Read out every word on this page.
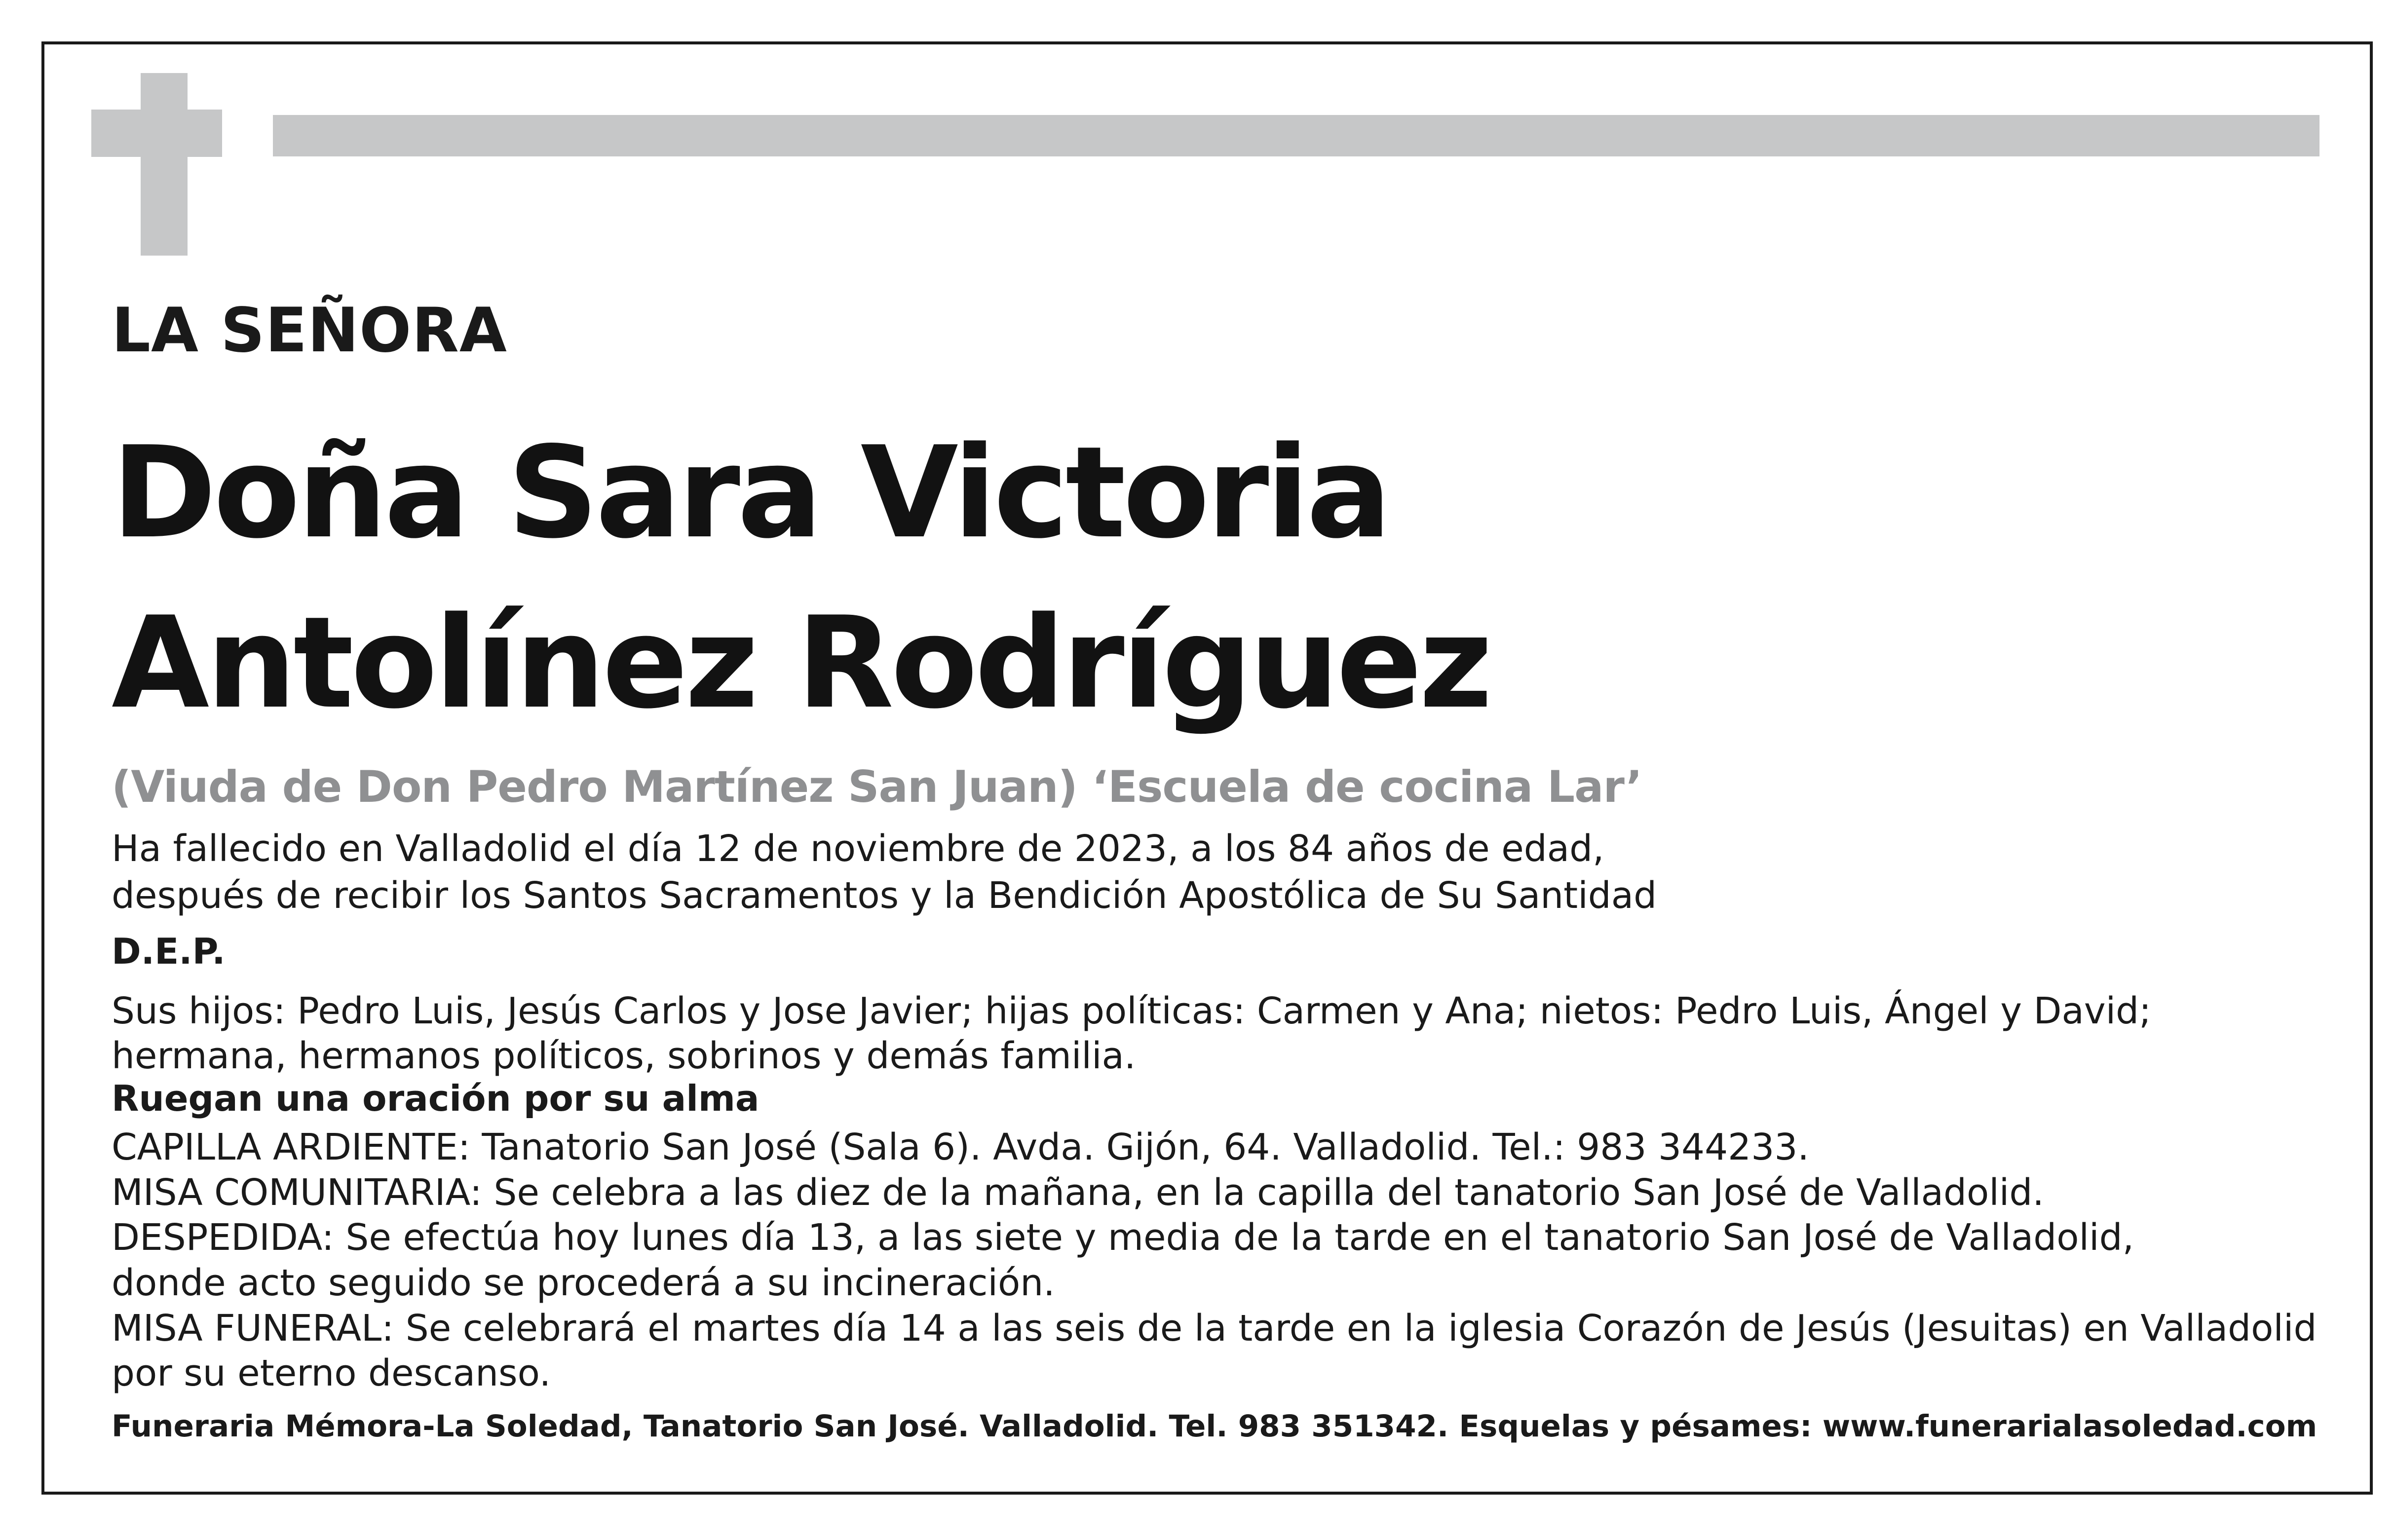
LA SEÑORA
Doña Sara Victoria
Antolínez Rodríguez
(Viuda de Don Pedro Martínez San Juan) ‘Escuela de cocina Lar’
Ha fallecido en Valladolid el día 12 de noviembre de 2023, a los 84 años de edad,
después de recibir los Santos Sacramentos y la Bendición Apostólica de Su Santidad
D.E.P.
Sus hijos: Pedro Luis, Jesús Carlos y Jose Javier; hijas políticas: Carmen y Ana; nietos: Pedro Luis, Ángel y David;
hermana, hermanos políticos, sobrinos y demás familia.
Ruegan una oración por su alma
CAPILLA ARDIENTE: Tanatorio San José (Sala 6). Avda. Gijón, 64. Valladolid. Tel.: 983 344233.
MISA COMUNITARIA: Se celebra a las diez de la mañana, en la capilla del tanatorio San José de Valladolid.
DESPEDIDA: Se efectúa hoy lunes día 13, a las siete y media de la tarde en el tanatorio San José de Valladolid,
donde acto seguido se procederá a su incineración.
MISA FUNERAL: Se celebrará el martes día 14 a las seis de la tarde en la iglesia Corazón de Jesús (Jesuitas) en Valladolid
por su eterno descanso.
Funeraria Mémora-La Soledad, Tanatorio San José. Valladolid. Tel. 983 351342. Esquelas y pésames: www.funerarialasoledad.com
